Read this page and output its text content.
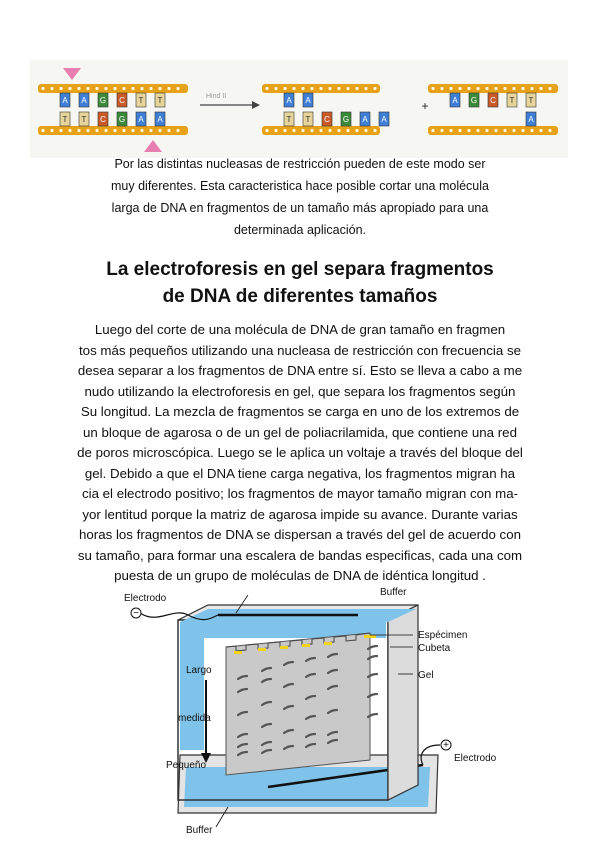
A A G C T T
T T C G A A
Hind II	A A
T T C G A A
+	A G C T T
A
Por las distintas nucleasas de restricción pueden de este modo ser
muy diferentes. Esta caracteristica hace posible cortar una molécula
larga de DNA en fragmentos de un tamaño más apropiado para una
determinada aplicación.
La electroforesis en gel separa fragmentos
de DNA de diferentes tamaños

Luego del corte de una molécula de DNA de gran tamaño en fragmen
tos más pequeños utilizando una nucleasa de restricción con frecuencia se
desea separar a los fragmentos de DNA entre sí. Esto se lleva a cabo a me
nudo utilizando la electroforesis en gel, que separa los fragmentos según
Su longitud. La mezcla de fragmentos se carga en uno de los extremos de
un bloque de agarosa o de un gel de poliacrilamida, que contiene una red
de poros microscópica. Luego se le aplica un voltaje a través del bloque del
gel. Debido a que el DNA tiene carga negativa, los fragmentos migran ha
cia el electrodo positivo; los fragmentos de mayor tamaño migran con ma-
yor lentitud porque la matriz de agarosa impide su avance. Durante varias
horas los fragmentos de DNA se dispersan a través del gel de acuerdo con
su tamaño, para formar una escalera de bandas especificas, cada una com
puesta de un grupo de moléculas de DNA de idéntica longitud .

−
+
Electrodo
Buffer
Espécimen
Cubeta
Gel
Largo
medida
Pequeño
Electrodo
Buffer
